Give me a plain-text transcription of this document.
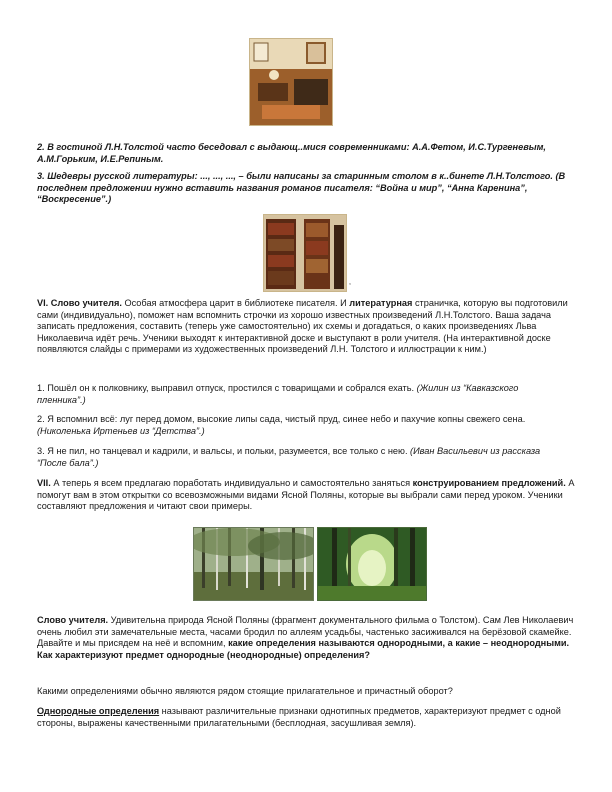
2. В гостиной Л.Н.Толстой часто беседовал с выдающ..мися современниками: А.А.Фетом, И.С.Тургеневым, А.М.Горьким, И.Е.Репиным.

3. Шедевры русской литературы: ..., ..., ..., – были написаны за старинным столом в к..бинете Л.Н.Толстого. (В последнем предложении нужно вставить названия романов писателя: “Война и мир”, “Анна Каренина”, “Воскресение”.)

,

VI. Слово учителя. Особая атмосфера царит в библиотеке писателя. И литературная страничка, которую вы подготовили сами (индивидуально), поможет нам вспомнить строчки из хорошо известных произведений Л.Н.Толстого. Ваша задача записать предложения, составить (теперь уже самостоятельно) их схемы и догадаться, о каких произведениях Льва Николаевича идёт речь. Ученики выходят к интерактивной доске и выступают в роли учителя. (На интерактивной доске появляются слайды с примерами из художественных произведений Л.Н. Толстого и иллюстрации к ним.)

1. Пошёл он к полковнику, выправил отпуск, простился с товарищами и собрался ехать. (Жилин из “Кавказского пленника”.)

2. Я вспомнил всё: луг перед домом, высокие липы сада, чистый пруд, синее небо и пахучие копны свежего сена. (Николенька Иртеньев из “Детства”.)

3. Я не пил, но танцевал и кадрили, и вальсы, и польки, разумеется, все только с нею. (Иван Васильевич из рассказа “После бала”.)

VII. А теперь я всем предлагаю поработать индивидуально и самостоятельно заняться конструированием предложений. А помогут вам в этом открытки со всевозможными видами Ясной Поляны, которые вы выбрали сами перед уроком. Ученики составляют предложения и читают свои примеры.

Слово учителя. Удивительна природа Ясной Поляны (фрагмент документального фильма о Толстом). Сам Лев Николаевич очень любил эти замечательные места, часами бродил по аллеям усадьбы, частенько засиживался на берёзовой скамейке. Давайте и мы присядем на неё и вспомним, какие определения называются однородными, а какие – неоднородными. Как характеризуют предмет однородные (неоднородные) определения?

Какими определениями обычно являются рядом стоящие прилагательное и причастный оборот?

Однородные определения называют различительные признаки однотипных предметов, характеризуют предмет с одной стороны, выражены качественными прилагательными (бесплодная, засушливая земля).
